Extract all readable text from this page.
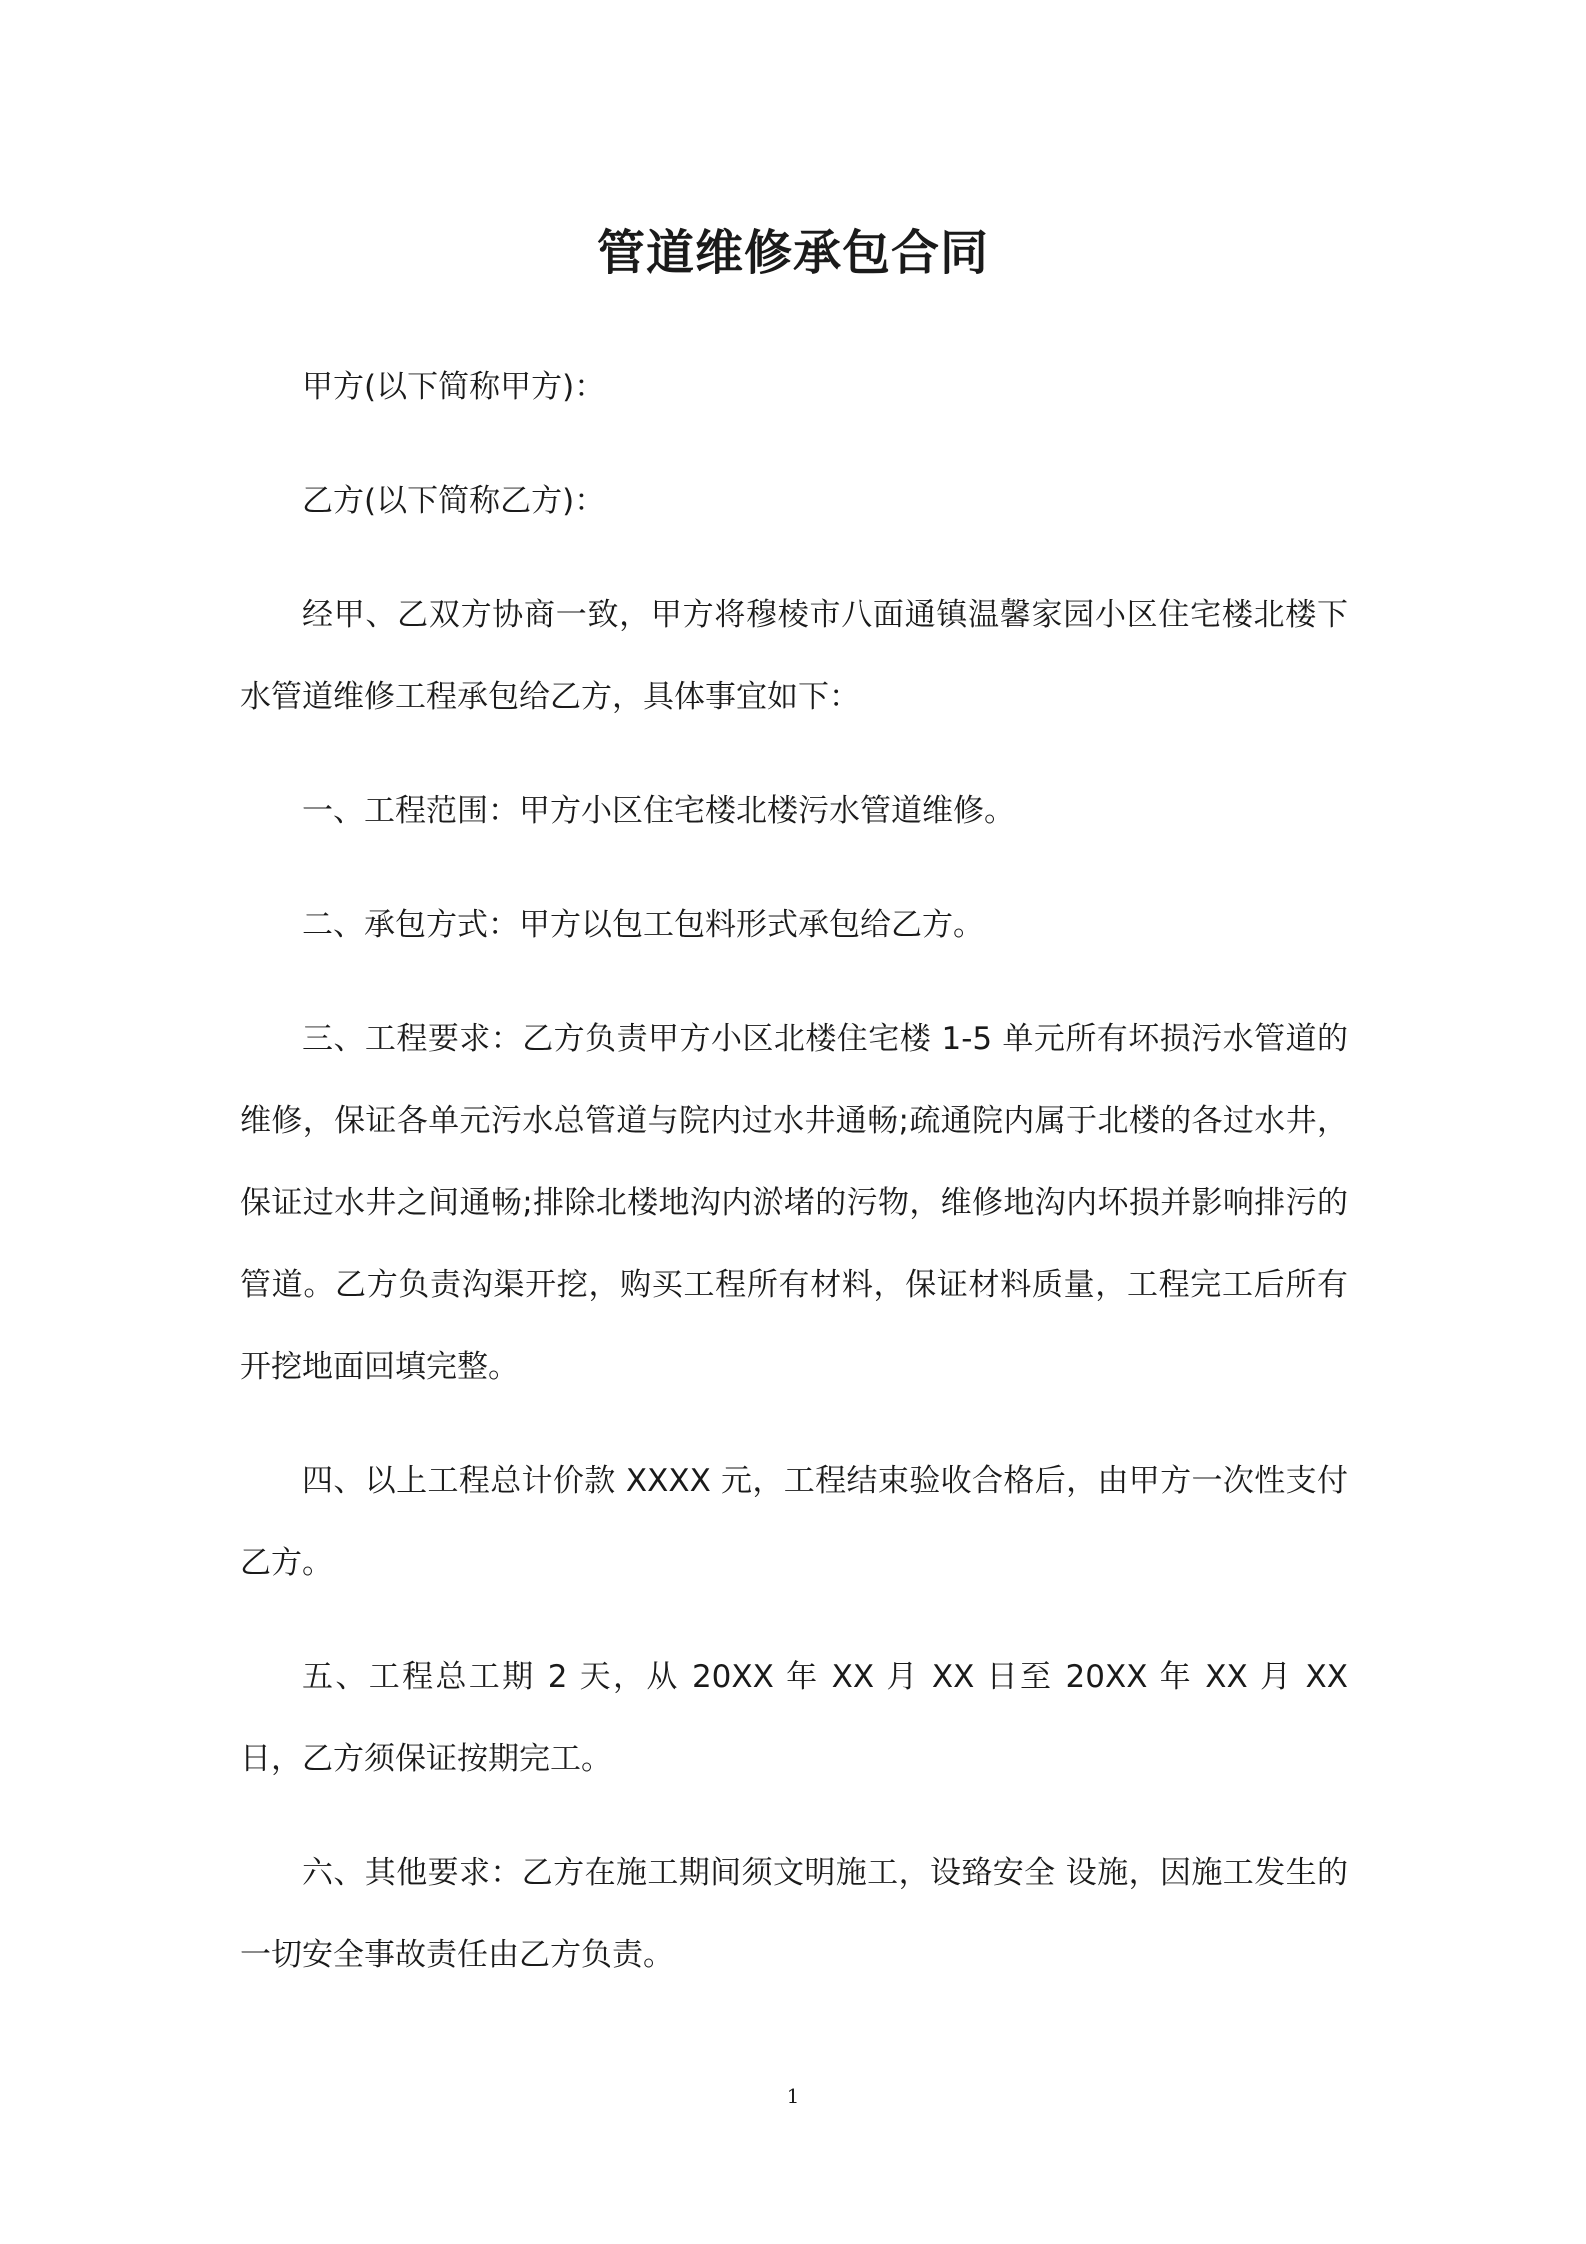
管道维修承包合同

甲方(以下简称甲方)：

乙方(以下简称乙方)：

经甲、乙双方协商一致，甲方将穆棱市八面通镇温馨家园小区住宅楼北楼下水管道维修工程承包给乙方，具体事宜如下：

一、工程范围：甲方小区住宅楼北楼污水管道维修。

二、承包方式：甲方以包工包料形式承包给乙方。

三、工程要求：乙方负责甲方小区北楼住宅楼 1-5 单元所有坏损污水管道的维修，保证各单元污水总管道与院内过水井通畅;疏通院内属于北楼的各过水井，保证过水井之间通畅;排除北楼地沟内淤堵的污物，维修地沟内坏损并影响排污的管道。乙方负责沟渠开挖，购买工程所有材料，保证材料质量，工程完工后所有开挖地面回填完整。

四、以上工程总计价款 XXXX 元，工程结束验收合格后，由甲方一次性支付乙方。

五、工程总工期 2 天，从 20XX 年 XX 月 XX 日至 20XX 年 XX 月 XX 日，乙方须保证按期完工。

六、其他要求：乙方在施工期间须文明施工，设臵安全 设施，因施工发生的一切安全事故责任由乙方负责。

1
